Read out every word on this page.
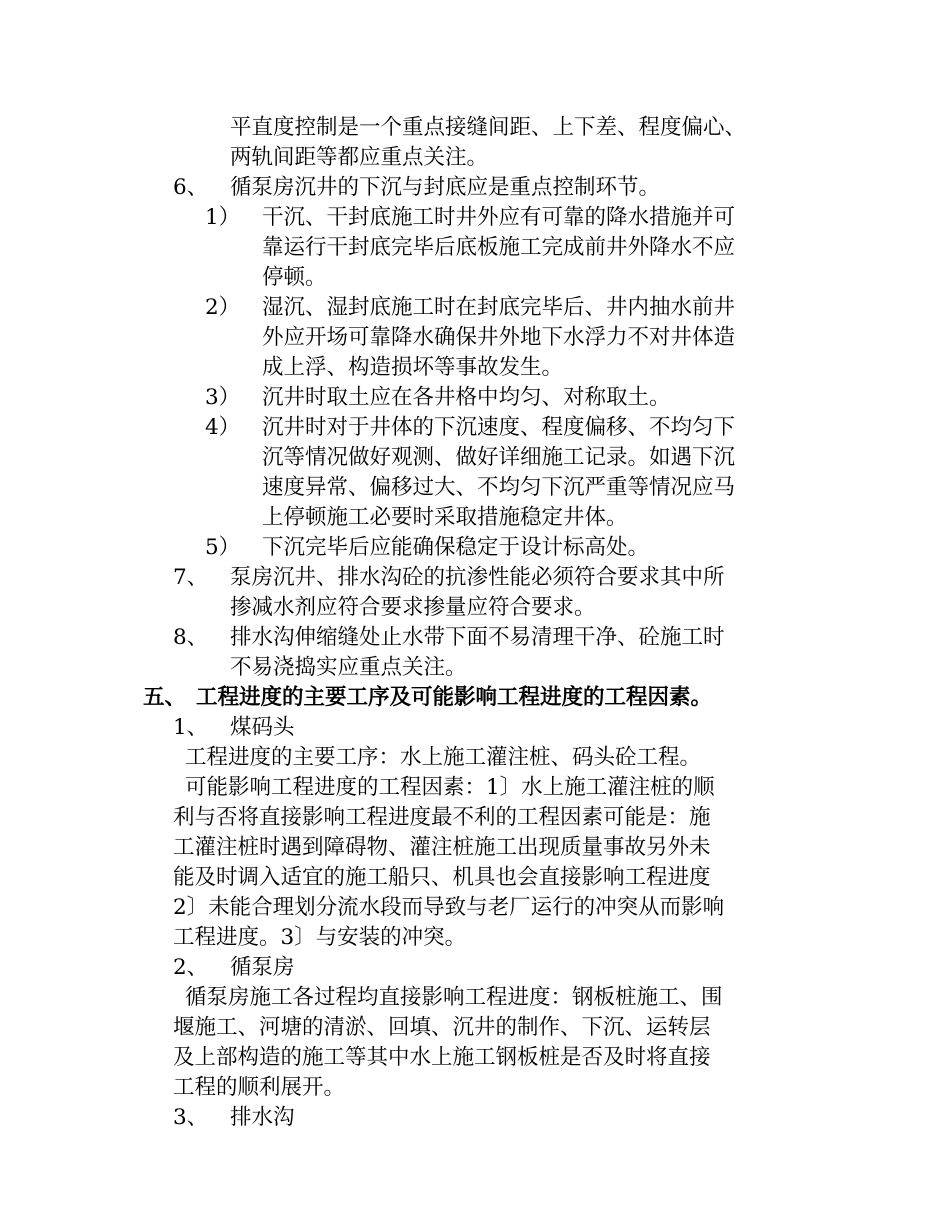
平直度控制是一个重点接缝间距、上下差、程度偏心、
两轨间距等都应重点关注。
6、 循泵房沉井的下沉与封底应是重点控制环节。
1） 干沉、干封底施工时井外应有可靠的降水措施并可
靠运行干封底完毕后底板施工完成前井外降水不应
停顿。
2） 湿沉、湿封底施工时在封底完毕后、井内抽水前井
外应开场可靠降水确保井外地下水浮力不对井体造
成上浮、构造损坏等事故发生。
3） 沉井时取土应在各井格中均匀、对称取土。
4） 沉井时对于井体的下沉速度、程度偏移、不均匀下
沉等情况做好观测、做好详细施工记录。如遇下沉
速度异常、偏移过大、不均匀下沉严重等情况应马
上停顿施工必要时采取措施稳定井体。
5） 下沉完毕后应能确保稳定于设计标高处。
7、 泵房沉井、排水沟砼的抗渗性能必须符合要求其中所
掺减水剂应符合要求掺量应符合要求。
8、 排水沟伸缩缝处止水带下面不易清理干净、砼施工时
不易浇捣实应重点关注。
五、 工程进度的主要工序及可能影响工程进度的工程因素。
1、 煤码头
工程进度的主要工序：水上施工灌注桩、码头砼工程。
可能影响工程进度的工程因素：1〕水上施工灌注桩的顺
利与否将直接影响工程进度最不利的工程因素可能是：施
工灌注桩时遇到障碍物、灌注桩施工出现质量事故另外未
能及时调入适宜的施工船只、机具也会直接影响工程进度
2〕未能合理划分流水段而导致与老厂运行的冲突从而影响
工程进度。3〕与安装的冲突。
2、 循泵房
循泵房施工各过程均直接影响工程进度：钢板桩施工、围
堰施工、河塘的清淤、回填、沉井的制作、下沉、运转层
及上部构造的施工等其中水上施工钢板桩是否及时将直接
工程的顺利展开。
3、 排水沟
